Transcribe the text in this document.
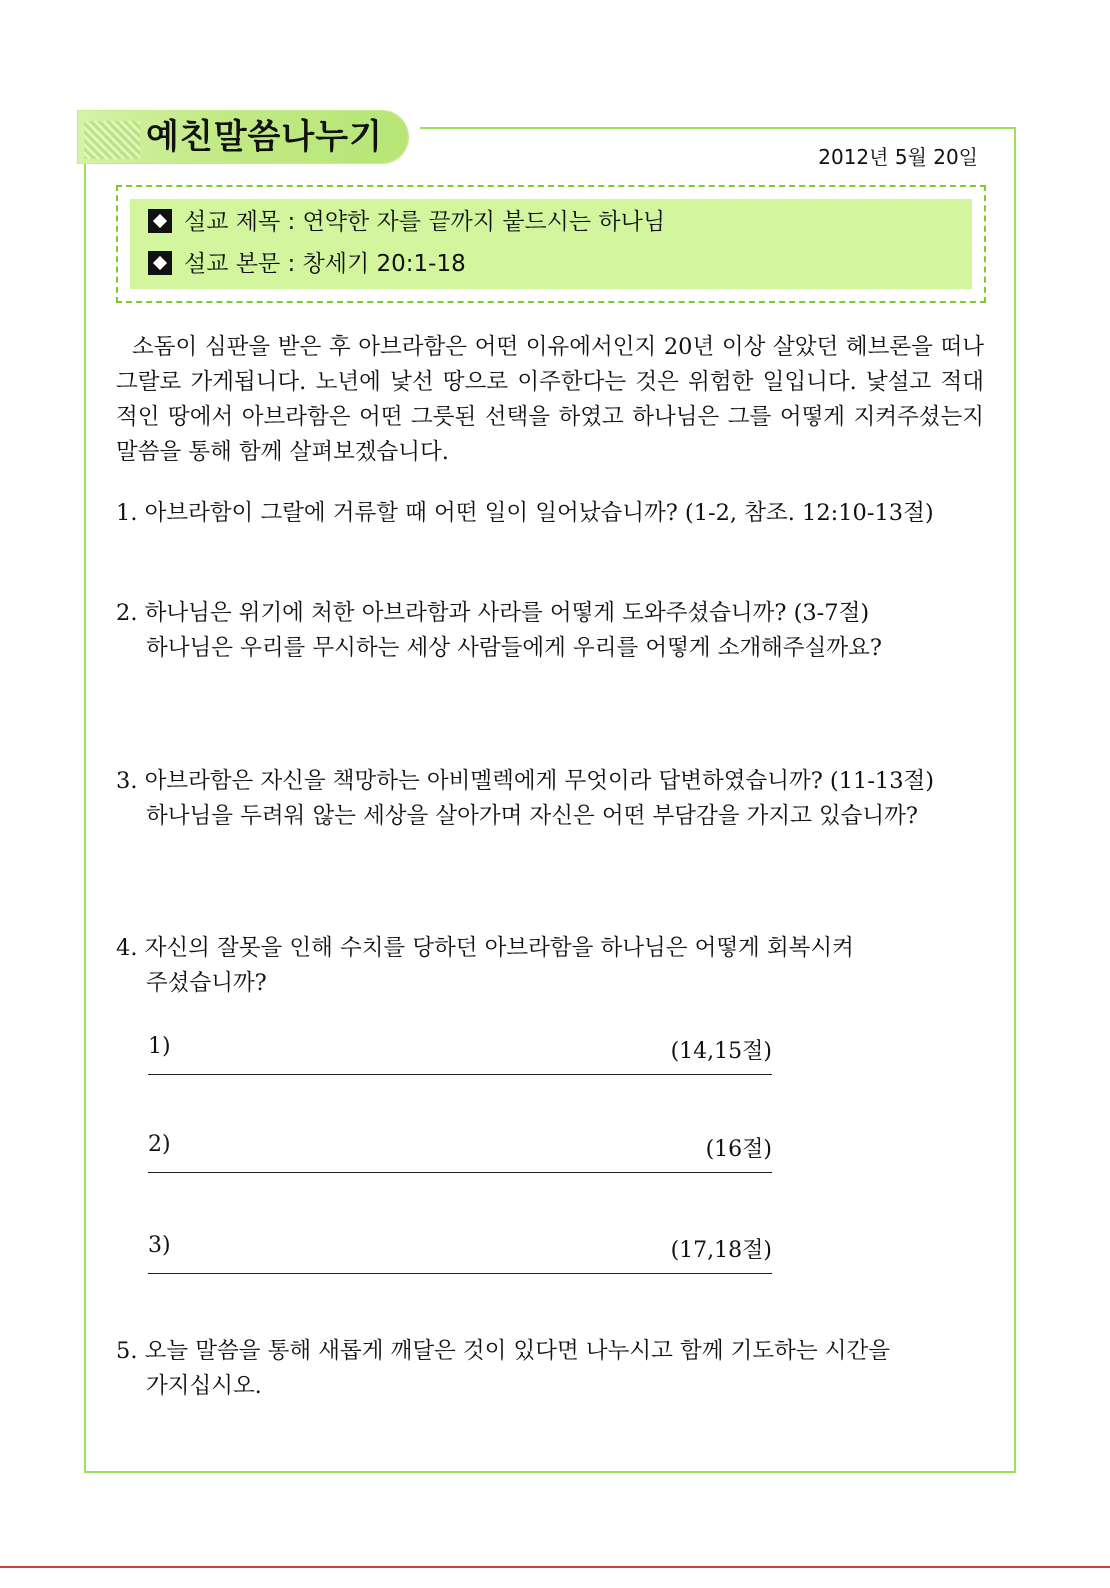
예친말씀나누기	2012년 5월 20일
설교 제목 : 연약한 자를 끝까지 붙드시는 하나님
설교 본문 : 창세기 20:1-18
소돔이 심판을 받은 후 아브라함은 어떤 이유에서인지 20년 이상 살았던 헤브론을 떠나 그랄로 가게됩니다. 노년에 낯선 땅으로 이주한다는 것은 위험한 일입니다. 낯설고 적대적인 땅에서 아브라함은 어떤 그릇된 선택을 하였고 하나님은 그를 어떻게 지켜주셨는지 말씀을 통해 함께 살펴보겠습니다.
1. 아브라함이 그랄에 거류할 때 어떤 일이 일어났습니까? (1-2, 참조. 12:10-13절)
2. 하나님은 위기에 처한 아브라함과 사라를 어떻게 도와주셨습니까? (3-7절)
하나님은 우리를 무시하는 세상 사람들에게 우리를 어떻게 소개해주실까요?
3. 아브라함은 자신을 책망하는 아비멜렉에게 무엇이라 답변하였습니까? (11-13절)
하나님을 두려워 않는 세상을 살아가며 자신은 어떤 부담감을 가지고 있습니까?
4. 자신의 잘못을 인해 수치를 당하던 아브라함을 하나님은 어떻게 회복시켜
주셨습니까?
1)	(14,15절)
2)	(16절)
3)	(17,18절)
5. 오늘 말씀을 통해 새롭게 깨달은 것이 있다면 나누시고 함께 기도하는 시간을
가지십시오.
